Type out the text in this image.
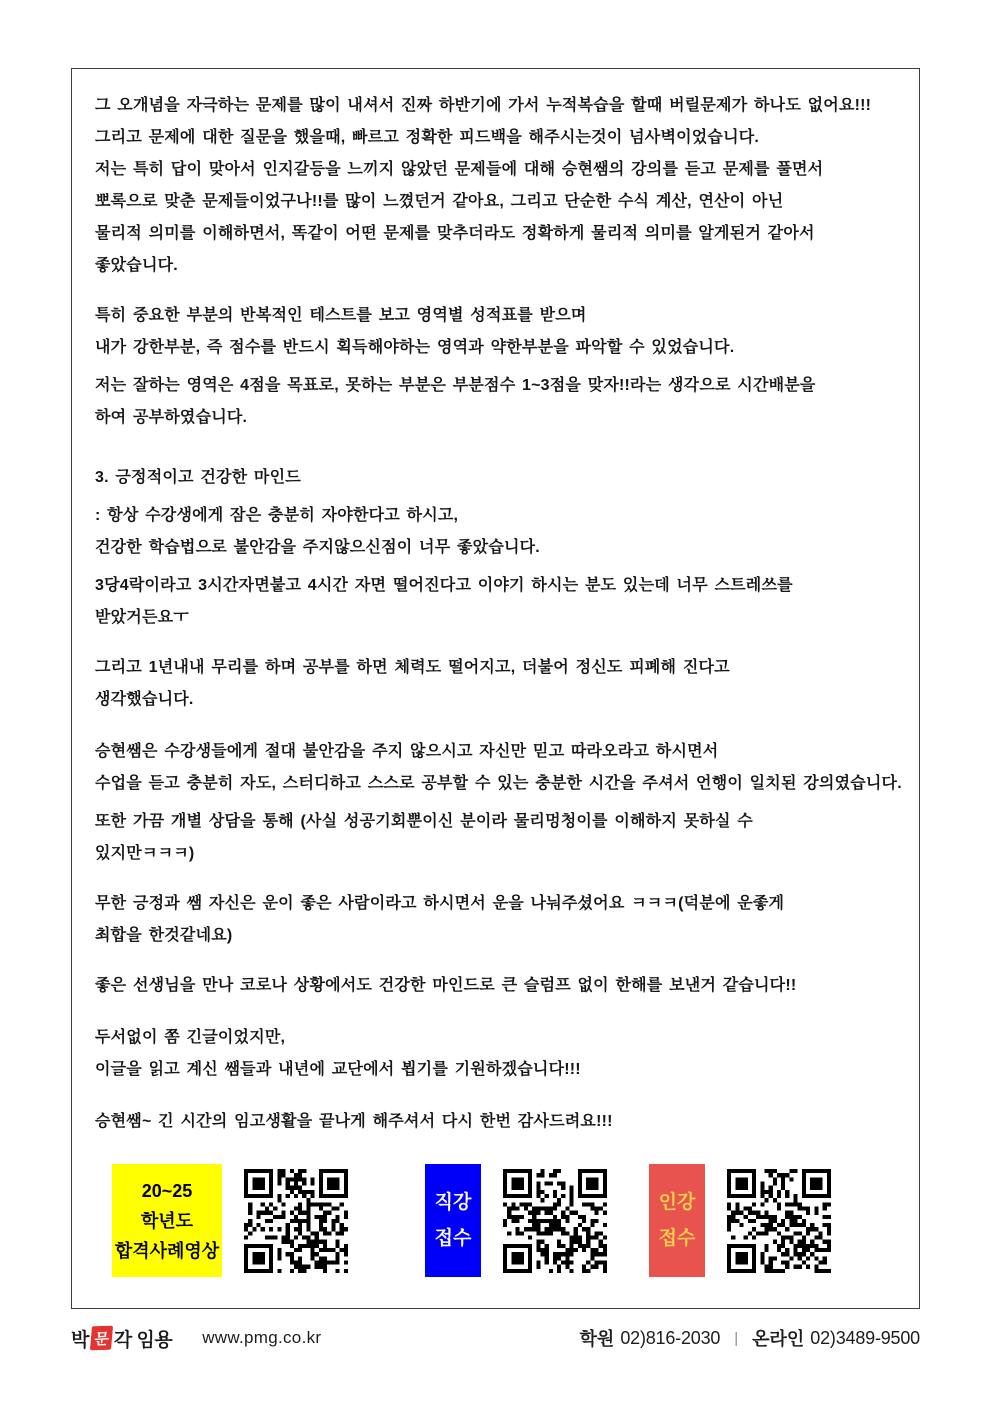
그 오개념을 자극하는 문제를 많이 내셔서 진짜 하반기에 가서 누적복습을 할때 버릴문제가 하나도 없어요!!!
그리고 문제에 대한 질문을 했을때, 빠르고 정확한 피드백을 해주시는것이 넘사벽이었습니다.
저는 특히 답이 맞아서 인지갈등을 느끼지 않았던 문제들에 대해 승현쌤의 강의를 듣고 문제를 풀면서
뽀록으로 맞춘 문제들이었구나!!를 많이 느꼈던거 같아요, 그리고 단순한 수식 계산, 연산이 아닌
물리적 의미를 이해하면서, 똑같이 어떤 문제를 맞추더라도 정확하게 물리적 의미를 알게된거 같아서
좋았습니다.
특히 중요한 부분의 반복적인 테스트를 보고 영역별 성적표를 받으며
내가 강한부분, 즉 점수를 반드시 획득해야하는 영역과 약한부분을 파악할 수 있었습니다.
저는 잘하는 영역은 4점을 목표로, 못하는 부분은 부분점수 1~3점을 맞자!!라는 생각으로 시간배분을
하여 공부하였습니다.
3. 긍정적이고 건강한 마인드
: 항상 수강생에게 잠은 충분히 자야한다고 하시고,
건강한 학습법으로 불안감을 주지않으신점이 너무 좋았습니다.
3당4락이라고 3시간자면붙고 4시간 자면 떨어진다고 이야기 하시는 분도 있는데 너무 스트레쓰를
받았거든요ㅜ
그리고 1년내내 무리를 하며 공부를 하면 체력도 떨어지고, 더불어 정신도 피폐해 진다고
생각했습니다.
승현쌤은 수강생들에게 절대 불안감을 주지 않으시고 자신만 믿고 따라오라고 하시면서
수업을 듣고 충분히 자도, 스터디하고 스스로 공부할 수 있는 충분한 시간을 주셔서 언행이 일치된 강의였습니다.
또한 가끔 개별 상담을 통해 (사실 성공기회뿐이신 분이라 물리멍청이를 이해하지 못하실 수
있지만ㅋㅋㅋ)
무한 긍정과 쌤 자신은 운이 좋은 사람이라고 하시면서 운을 나눠주셨어요 ㅋㅋㅋ(덕분에 운좋게
최합을 한것같네요)
좋은 선생님을 만나 코로나 상황에서도 건강한 마인드로 큰 슬럼프 없이 한해를 보낸거 같습니다!!
두서없이 쫌 긴글이었지만,
이글을 읽고 계신 쌤들과 내년에 교단에서 뵙기를 기원하겠습니다!!!
승현쌤~ 긴 시간의 임고생활을 끝나게 해주셔서 다시 한번 감사드려요!!!
20~25
학년도
합격사례영상
직강
접수
인강
접수
박 문 각 임용 www.pmg.co.kr	학원 02)816-2030 | 온라인 02)3489-9500
